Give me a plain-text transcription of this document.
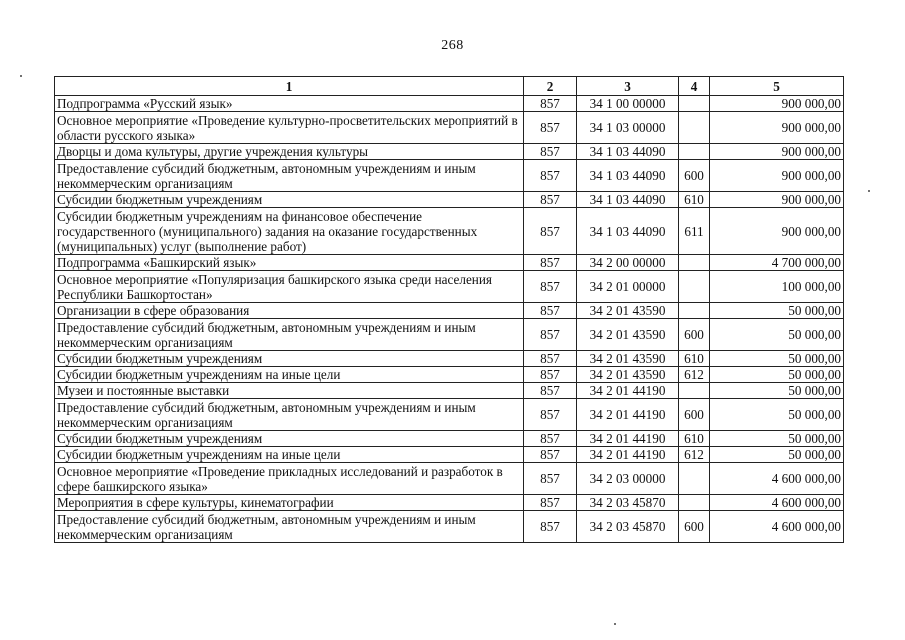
268
1	2	3	4	5
Подпрограмма «Русский язык»	857	34 1 00 00000		900 000,00
Основное мероприятие «Проведение культурно-просветительских мероприятий в области русского языка»	857	34 1 03 00000		900 000,00
Дворцы и дома культуры, другие учреждения культуры	857	34 1 03 44090		900 000,00
Предоставление субсидий бюджетным, автономным учреждениям и иным некоммерческим организациям	857	34 1 03 44090	600	900 000,00
Субсидии бюджетным учреждениям	857	34 1 03 44090	610	900 000,00
Субсидии бюджетным учреждениям на финансовое обеспечение государственного (муниципального) задания на оказание государственных (муниципальных) услуг (выполнение работ)	857	34 1 03 44090	611	900 000,00
Подпрограмма «Башкирский язык»	857	34 2 00 00000		4 700 000,00
Основное мероприятие «Популяризация башкирского языка среди населения Республики Башкортостан»	857	34 2 01 00000		100 000,00
Организации в сфере образования	857	34 2 01 43590		50 000,00
Предоставление субсидий бюджетным, автономным учреждениям и иным некоммерческим организациям	857	34 2 01 43590	600	50 000,00
Субсидии бюджетным учреждениям	857	34 2 01 43590	610	50 000,00
Субсидии бюджетным учреждениям на иные цели	857	34 2 01 43590	612	50 000,00
Музеи и постоянные выставки	857	34 2 01 44190		50 000,00
Предоставление субсидий бюджетным, автономным учреждениям и иным некоммерческим организациям	857	34 2 01 44190	600	50 000,00
Субсидии бюджетным учреждениям	857	34 2 01 44190	610	50 000,00
Субсидии бюджетным учреждениям на иные цели	857	34 2 01 44190	612	50 000,00
Основное мероприятие «Проведение прикладных исследований и разработок в сфере башкирского языка»	857	34 2 03 00000		4 600 000,00
Мероприятия в сфере культуры, кинематографии	857	34 2 03 45870		4 600 000,00
Предоставление субсидий бюджетным, автономным учреждениям и иным некоммерческим организациям	857	34 2 03 45870	600	4 600 000,00
